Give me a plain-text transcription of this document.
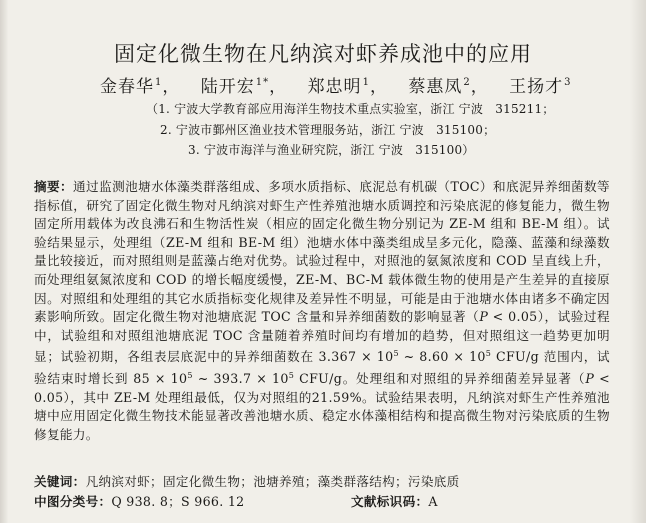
固定化微生物在凡纳滨对虾养成池中的应用
金春华$^1$， 陆开宏$^{1*}$， 郑忠明$^1$， 蔡惠凤$^2$， 王扬才$^3$
（1. 宁波大学教育部应用海洋生物技术重点实验室，浙江 宁波　315211；
2. 宁波市鄞州区渔业技术管理服务站，浙江 宁波　315100；
3. 宁波市海洋与渔业研究院，浙江 宁波　315100）

摘要：通过监测池塘水体藻类群落组成、多项水质指标、底泥总有机碳（TOC）和底泥异养细菌数等指标值，研究了固定化微生物对凡纳滨对虾生产性养殖池塘水质调控和污染底泥的修复能力，微生物固定所用载体为改良沸石和生物活性炭（相应的固定化微生物分别记为 ZE-M 组和 BE-M 组）。试验结果显示，处理组（ZE-M 组和 BE-M 组）池塘水体中藻类组成呈多元化，隐藻、蓝藻和绿藻数量比较接近，而对照组则是蓝藻占绝对优势。试验过程中，对照池的氨氮浓度和 COD 呈直线上升，而处理组氨氮浓度和 COD 的增长幅度缓慢，ZE-M、BC-M 载体微生物的使用是产生差异的直接原因。对照组和处理组的其它水质指标变化规律及差异性不明显，可能是由于池塘水体由诸多不确定因素影响所致。固定化微生物对池塘底泥 TOC 含量和异养细菌数的影响显著（P < 0.05），试验过程中，试验组和对照组池塘底泥 TOC 含量随着养殖时间均有增加的趋势，但对照组这一趋势更加明显；试验初期，各组表层底泥中的异养细菌数在 $3.367 \times 10^5$ ~ $8.60 \times 10^5$ CFU/g 范围内，试验结束时增长到 $85 \times 10^5$ ~ $393.7 \times 10^5$ CFU/g。处理组和对照组的异养细菌差异显著（P < 0.05），其中 ZE-M 处理组最低，仅为对照组的21.59%。试验结果表明，凡纳滨对虾生产性养殖池塘中应用固定化微生物技术能显著改善池塘水质、稳定水体藻相结构和提高微生物对污染底质的生物修复能力。

关键词：凡纳滨对虾；固定化微生物；池塘养殖；藻类群落结构；污染底质
中图分类号：Q 938. 8；S 966. 12	文献标识码：A
